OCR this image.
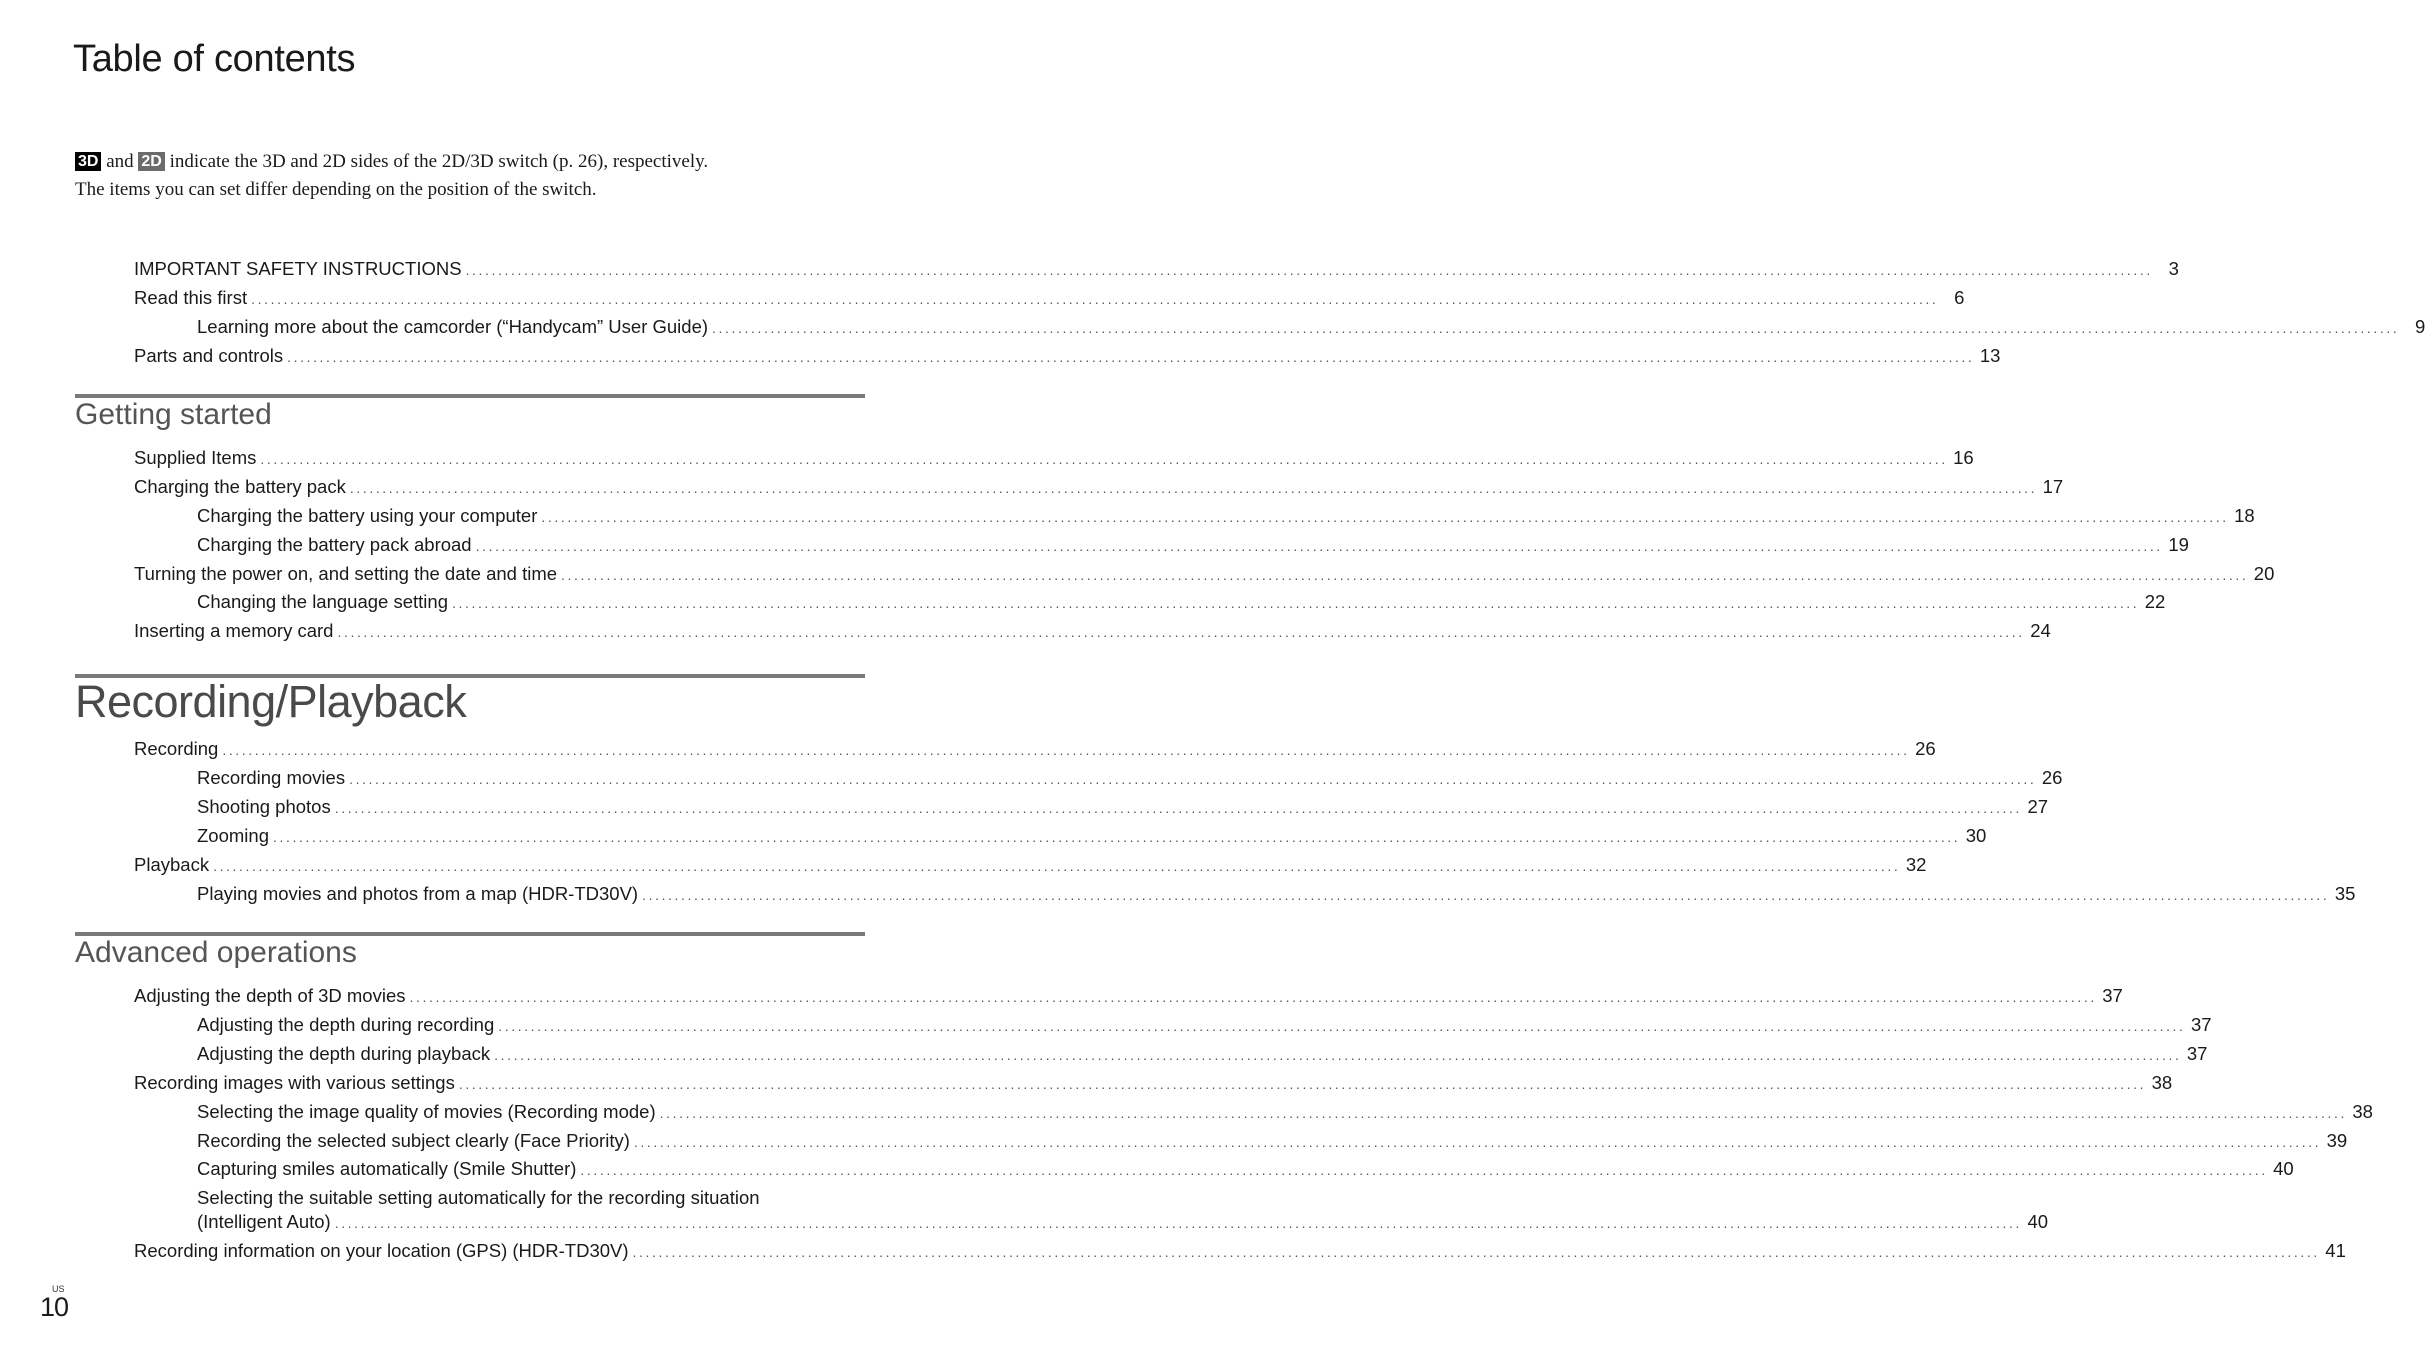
Table of contents
3D and 2D indicate the 3D and 2D sides of the 2D/3D switch (p. 26), respectively.
The items you can set differ depending on the position of the switch.
Getting started
Recording/Playback
Advanced operations
IMPORTANT SAFETY INSTRUCTIONS .................................................................................................................................................................................................................................................................... 3
Read this first .................................................................................................................................................................................................................................................................... 6
Learning more about the camcorder (“Handycam” User Guide) .................................................................................................................................................................................................................................................................... 9
Parts and controls .................................................................................................................................................................................................................................................................... 13
Supplied Items .................................................................................................................................................................................................................................................................... 16
Charging the battery pack .................................................................................................................................................................................................................................................................... 17
Charging the battery using your computer .................................................................................................................................................................................................................................................................... 18
Charging the battery pack abroad .................................................................................................................................................................................................................................................................... 19
Turning the power on, and setting the date and time .................................................................................................................................................................................................................................................................... 20
Changing the language setting .................................................................................................................................................................................................................................................................... 22
Inserting a memory card .................................................................................................................................................................................................................................................................... 24
Recording .................................................................................................................................................................................................................................................................... 26
Recording movies .................................................................................................................................................................................................................................................................... 26
Shooting photos .................................................................................................................................................................................................................................................................... 27
Zooming .................................................................................................................................................................................................................................................................... 30
Playback .................................................................................................................................................................................................................................................................... 32
Playing movies and photos from a map (HDR-TD30V) .................................................................................................................................................................................................................................................................... 35
Adjusting the depth of 3D movies .................................................................................................................................................................................................................................................................... 37
Adjusting the depth during recording .................................................................................................................................................................................................................................................................... 37
Adjusting the depth during playback .................................................................................................................................................................................................................................................................... 37
Recording images with various settings .................................................................................................................................................................................................................................................................... 38
Selecting the image quality of movies (Recording mode) .................................................................................................................................................................................................................................................................... 38
Recording the selected subject clearly (Face Priority) .................................................................................................................................................................................................................................................................... 39
Capturing smiles automatically (Smile Shutter) .................................................................................................................................................................................................................................................................... 40
Selecting the suitable setting automatically for the recording situation
(Intelligent Auto) .................................................................................................................................................................................................................................................................... 40
Recording information on your location (GPS) (HDR-TD30V) .................................................................................................................................................................................................................................................................... 41
US
10
